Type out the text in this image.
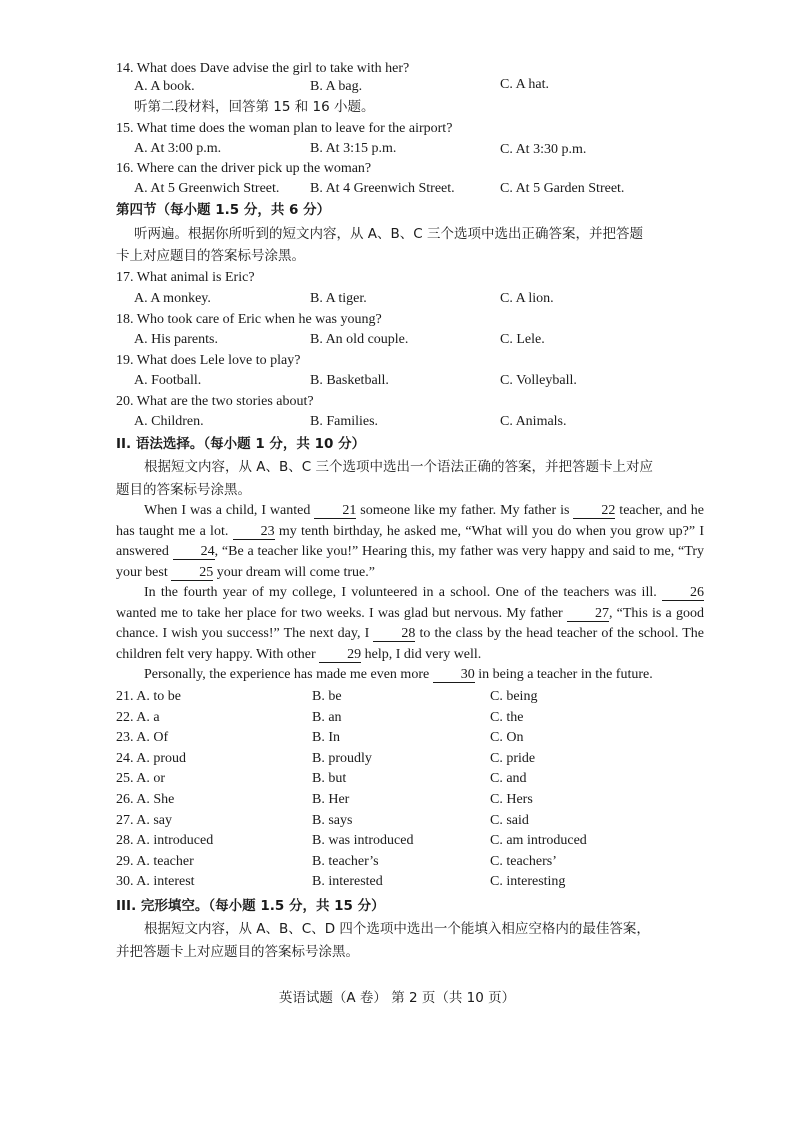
14. What does Dave advise the girl to take with her?
A. A book.	B. A bag.	C. A hat.
听第二段材料，回答第 15 和 16 小题。
15. What time does the woman plan to leave for the airport?
A. At 3:00 p.m.	B. At 3:15 p.m.	C. At 3:30 p.m.
16. Where can the driver pick up the woman?
A. At 5 Greenwich Street. B. At 4 Greenwich Street.	C. At 5 Garden Street.
第四节（每小题 1.5 分，共 6 分）
听两遍。根据你所听到的短文内容，从 A、B、C 三个选项中选出正确答案，并把答题
卡上对应题目的答案标号涂黑。
17. What animal is Eric?
A. A monkey.	B. A tiger.	C. A lion.
18. Who took care of Eric when he was young?
A. His parents.	B. An old couple.	C. Lele.
19. What does Lele love to play?
A. Football.	B. Basketball.	C. Volleyball.
20. What are the two stories about?
A. Children.	B. Families.	C. Animals.
II. 语法选择。（每小题 1 分，共 10 分）
根据短文内容，从 A、B、C 三个选项中选出一个语法正确的答案，并把答题卡上对应
题目的答案标号涂黑。
When I was a child, I wanted 21 someone like my father. My father is 22 teacher, and he has taught me a lot. 23 my tenth birthday, he asked me, “What will you do when you grow up?” I answered 24, “Be a teacher like you!” Hearing this, my father was very happy and said to me, “Try your best 25 your dream will come true.”
In the fourth year of my college, I volunteered in a school. One of the teachers was ill. 26 wanted me to take her place for two weeks. I was glad but nervous. My father 27, “This is a good chance. I wish you success!” The next day, I 28 to the class by the head teacher of the school. The children felt very happy. With other 29 help, I did very well.
Personally, the experience has made me even more 30 in being a teacher in the future.
21. A. to be	B. be	C. being
22. A. a	B. an	C. the
23. A. Of	B. In	C. On
24. A. proud	B. proudly	C. pride
25. A. or	B. but	C. and
26. A. She	B. Her	C. Hers
27. A. say	B. says	C. said
28. A. introduced	B. was introduced	C. am introduced
29. A. teacher	B. teacher’s	C. teachers’
30. A. interest	B. interested	C. interesting
III. 完形填空。（每小题 1.5 分，共 15 分）
根据短文内容，从 A、B、C、D 四个选项中选出一个能填入相应空格内的最佳答案，
并把答题卡上对应题目的答案标号涂黑。
英语试题（A 卷） 第 2 页（共 10 页）
